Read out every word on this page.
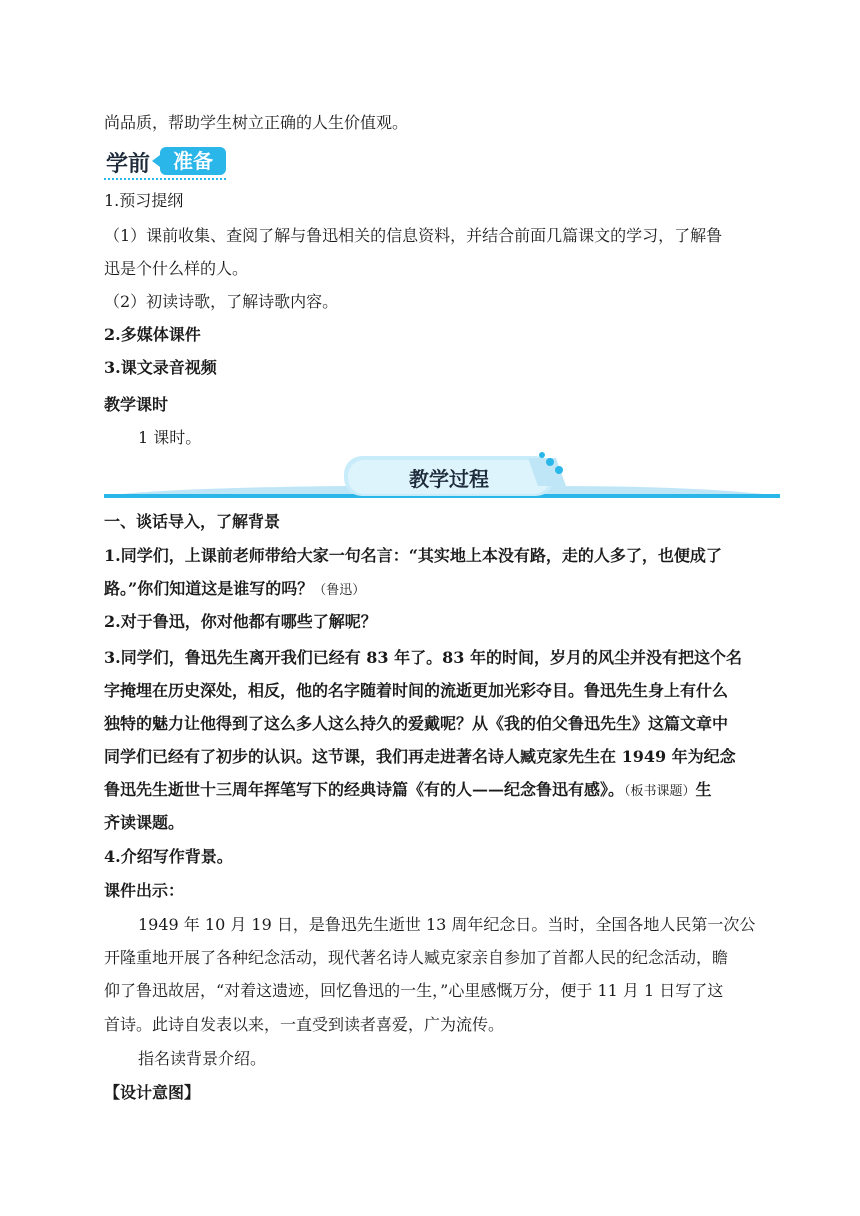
尚品质，帮助学生树立正确的人生价值观。
学前	准备
1.预习提纲
（1）课前收集、查阅了解与鲁迅相关的信息资料，并结合前面几篇课文的学习，了解鲁
迅是个什么样的人。
（2）初读诗歌，了解诗歌内容。
2.多媒体课件
3.课文录音视频
教学课时
1 课时。
教学过程
一、谈话导入，了解背景
1.同学们，上课前老师带给大家一句名言：“其实地上本没有路，走的人多了，也便成了
路。”你们知道这是谁写的吗？（鲁迅）
2.对于鲁迅，你对他都有哪些了解呢？
3.同学们，鲁迅先生离开我们已经有 83 年了。83 年的时间，岁月的风尘并没有把这个名
字掩埋在历史深处，相反，他的名字随着时间的流逝更加光彩夺目。鲁迅先生身上有什么
独特的魅力让他得到了这么多人这么持久的爱戴呢？从《我的伯父鲁迅先生》这篇文章中
同学们已经有了初步的认识。这节课，我们再走进著名诗人臧克家先生在 1949 年为纪念
鲁迅先生逝世十三周年挥笔写下的经典诗篇《有的人——纪念鲁迅有感》。（板书课题）生
齐读课题。
4.介绍写作背景。
课件出示：
1949 年 10 月 19 日，是鲁迅先生逝世 13 周年纪念日。当时，全国各地人民第一次公
开隆重地开展了各种纪念活动，现代著名诗人臧克家亲自参加了首都人民的纪念活动，瞻
仰了鲁迅故居，“对着这遗迹，回忆鲁迅的一生，”心里感慨万分，便于 11 月 1 日写了这
首诗。此诗自发表以来，一直受到读者喜爱，广为流传。
指名读背景介绍。
【设计意图】
